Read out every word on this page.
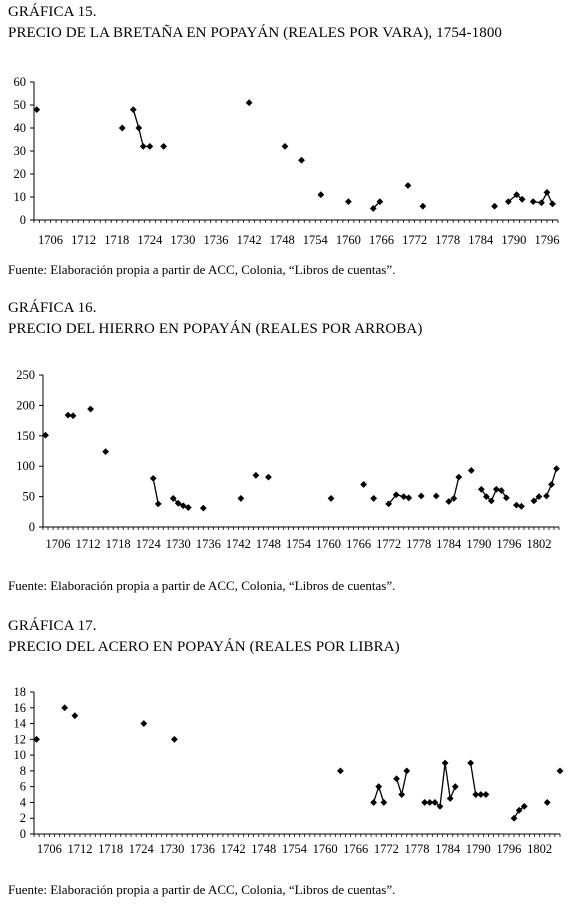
GRÁFICA 15.
PRECIO DE LA BRETAÑA EN POPAYÁN (REALES POR VARA), 1754-1800
0
10
20
30
40
50
60
1706 1712 1718 1724 1730 1736 1742 1748 1754 1760 1766 1772 1778 1784 1790 1796
Fuente: Elaboración propia a partir de ACC, Colonia, “Libros de cuentas”.
GRÁFICA 16.
PRECIO DEL HIERRO EN POPAYÁN (REALES POR ARROBA)
0
50
100
150
200
250
1706 1712 1718 1724 1730 1736 1742 1748 1754 1760 1766 1772 1778 1784 1790 1796 1802
Fuente: Elaboración propia a partir de ACC, Colonia, “Libros de cuentas”.
GRÁFICA 17.
PRECIO DEL ACERO EN POPAYÁN (REALES POR LIBRA)
0
2
4
6
8
10
12
14
16
18
1706 1712 1718 1724 1730 1736 1742 1748 1754 1760 1766 1772 1778 1784 1790 1796 1802
Fuente: Elaboración propia a partir de ACC, Colonia, “Libros de cuentas”.
